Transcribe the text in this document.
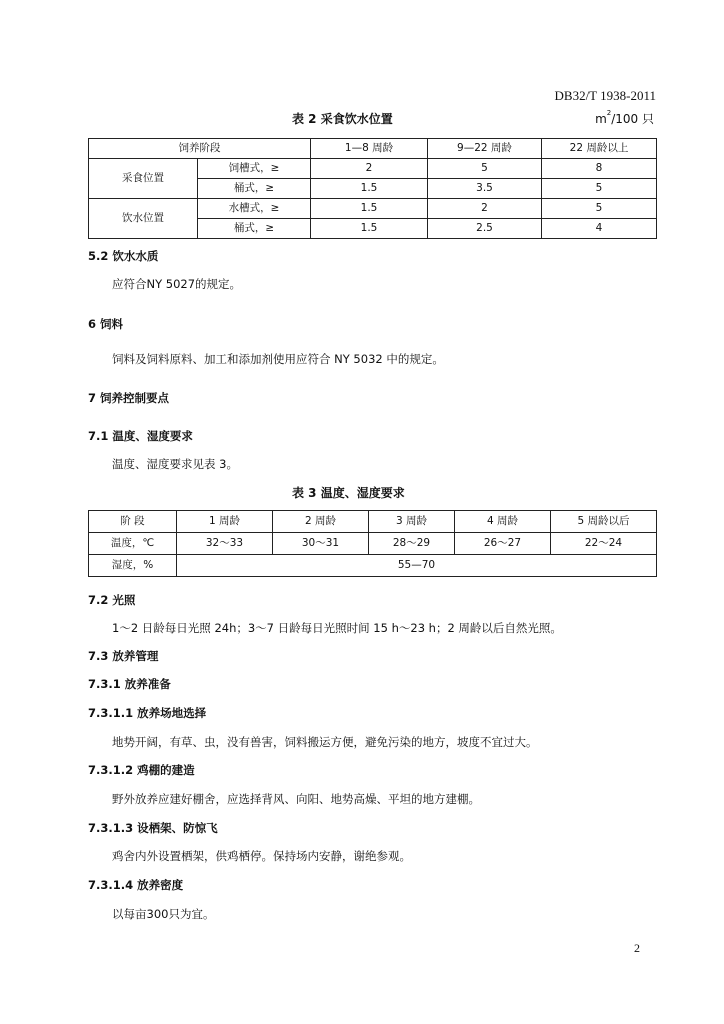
DB32/T 1938-2011
表 2 采食饮水位置	$m^2/100$ 只
饲养阶段		1—8 周龄	9—22 周龄	22 周龄以上
采食位置	饲槽式，≥	2	5	8
	桶式，≥	1.5	3.5	5
饮水位置	水槽式，≥	1.5	2	5
	桶式，≥	1.5	2.5	4
5.2 饮水水质
应符合NY 5027的规定。
6 饲料
饲料及饲料原料、加工和添加剂使用应符合 NY 5032 中的规定。
7 饲养控制要点
7.1 温度、湿度要求
温度、湿度要求见表 3。
表 3 温度、湿度要求
阶 段	1 周龄	2 周龄	3 周龄	4 周龄	5 周龄以后
温度，℃	32～33	30～31	28～29	26～27	22～24
湿度，%	55—70				
7.2 光照
1～2 日龄每日光照 24h；3～7 日龄每日光照时间 15 h～23 h；2 周龄以后自然光照。
7.3 放养管理
7.3.1 放养准备
7.3.1.1 放养场地选择
地势开阔，有草、虫，没有兽害，饲料搬运方便，避免污染的地方，坡度不宜过大。
7.3.1.2 鸡棚的建造
野外放养应建好棚舍，应选择背风、向阳、地势高燥、平坦的地方建棚。
7.3.1.3 设栖架、防惊飞
鸡舍内外设置栖架，供鸡栖停。保持场内安静，谢绝参观。
7.3.1.4 放养密度
以每亩300只为宜。
2
